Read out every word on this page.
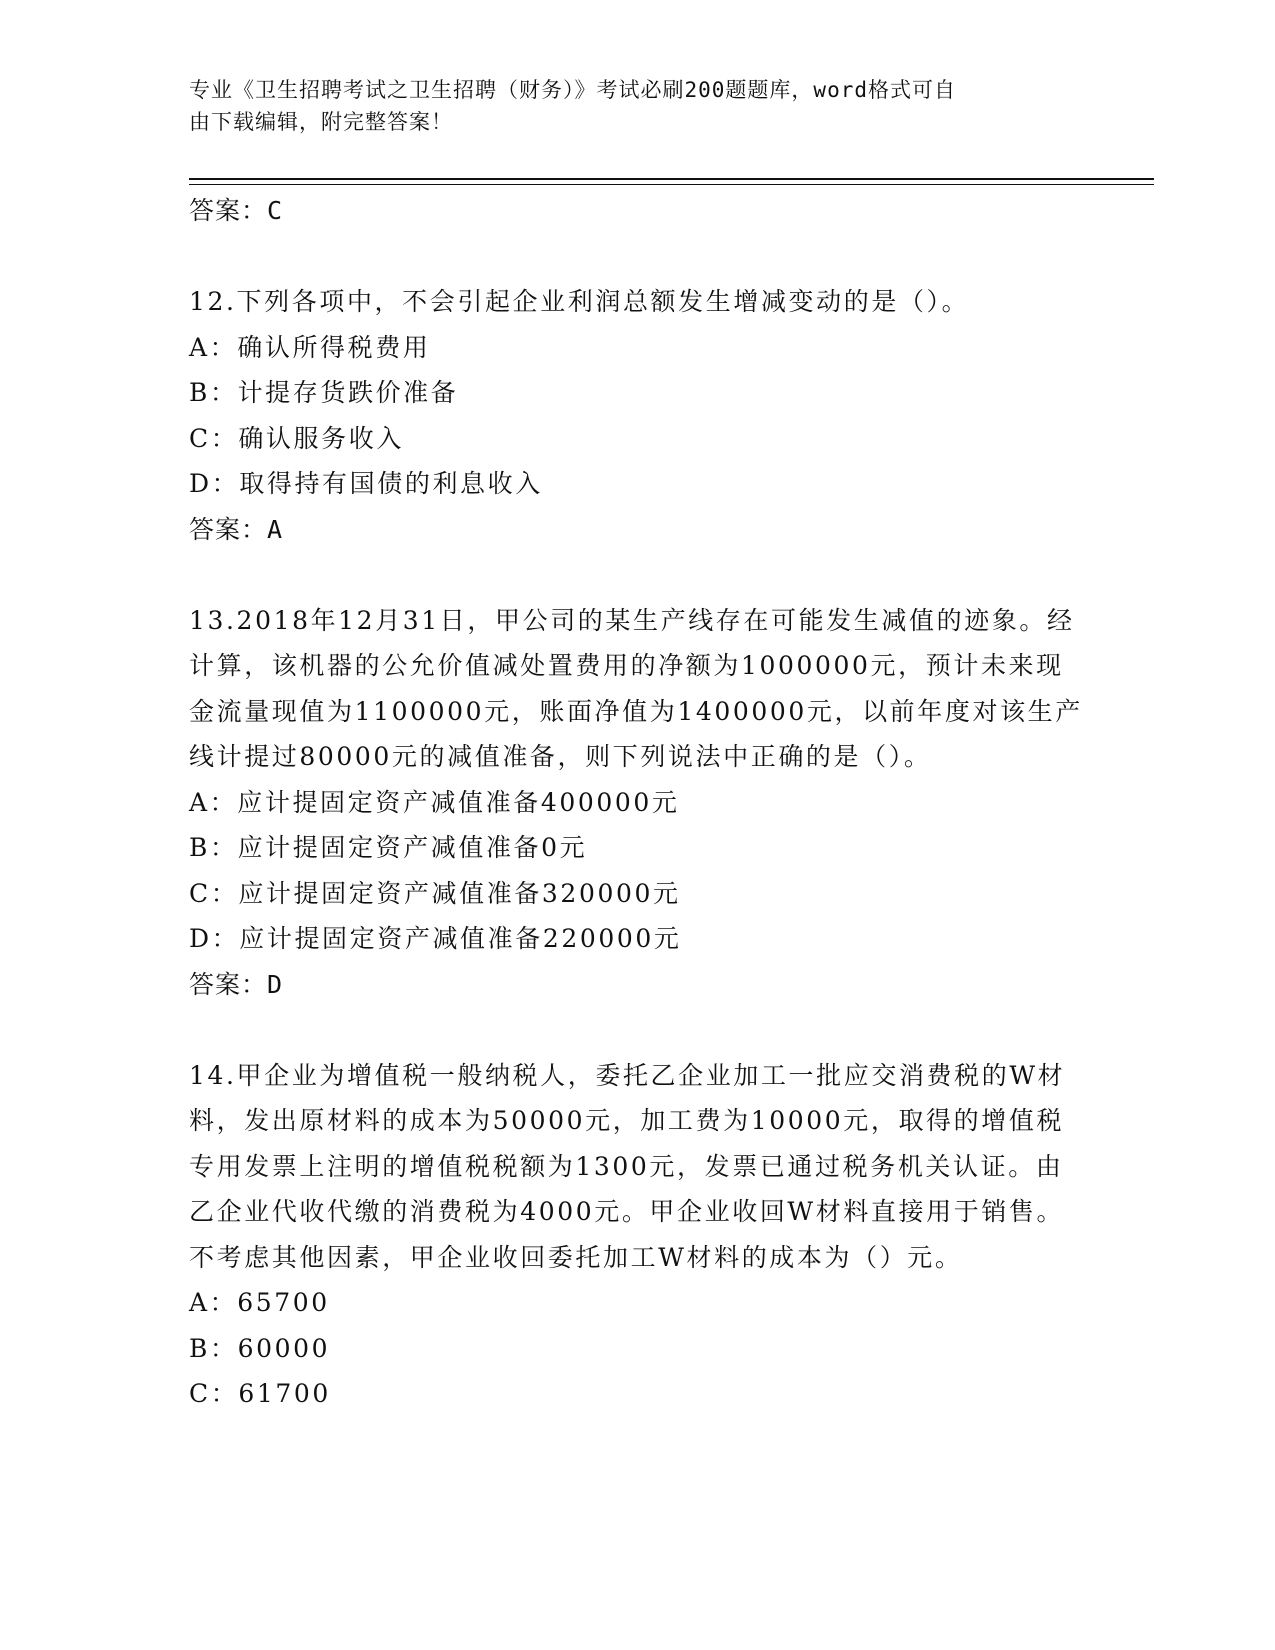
专业《卫生招聘考试之卫生招聘（财务）》考试必刷200题题库，word格式可自
由下载编辑，附完整答案！

答案：C

12.下列各项中，不会引起企业利润总额发生增减变动的是（）。

A：确认所得税费用

B：计提存货跌价准备

C：确认服务收入

D：取得持有国债的利息收入

答案：A

13.2018年12月31日，甲公司的某生产线存在可能发生减值的迹象。经计算，该机器的公允价值减处置费用的净额为1000000元，预计未来现金流量现值为1100000元，账面净值为1400000元，以前年度对该生产线计提过80000元的减值准备，则下列说法中正确的是（）。

A：应计提固定资产减值准备400000元

B：应计提固定资产减值准备0元

C：应计提固定资产减值准备320000元

D：应计提固定资产减值准备220000元

答案：D

14.甲企业为增值税一般纳税人，委托乙企业加工一批应交消费税的W材料，发出原材料的成本为50000元，加工费为10000元，取得的增值税专用发票上注明的增值税税额为1300元，发票已通过税务机关认证。由乙企业代收代缴的消费税为4000元。甲企业收回W材料直接用于销售。不考虑其他因素，甲企业收回委托加工W材料的成本为（）元。

A：65700

B：60000

C：61700
